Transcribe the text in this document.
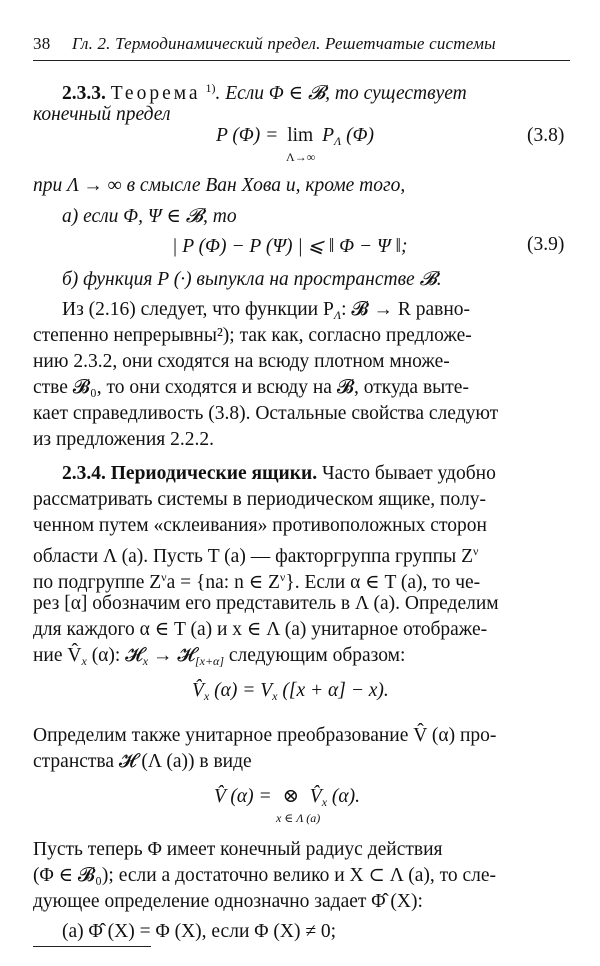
38 Гл. 2. Термодинамический предел. Решетчатые системы
2.3.3. Теорема $^{1)}$. Если Φ ∈ 𝓑, то существует
конечный предел
P $(\Phi) = \lim P_\Lambda$ (Φ)
Λ→∞
(3.8)
при Λ → ∞ в смысле Ван Хова и, кроме того,
а) если Φ, Ψ ∈ 𝓑, то
| P (Φ) − P (Ψ) | ⩽ ‖ Φ − Ψ ‖;	(3.9)
б) функция P (·) выпукла на пространстве 𝓑.
Из (2.16) следует, что функции $P_\Lambda$: 𝓑 → R равно-
степенно непрерывны²); так как, согласно предложе-
нию 2.3.2, они сходятся на всюду плотном множе-
стве 𝓑₀, то они сходятся и всюду на 𝓑, откуда выте-
кает справедливость (3.8). Остальные свойства следуют
из предложения 2.2.2.
2.3.4. Периодические ящики. Часто бывает удобно
рассматривать системы в периодическом ящике, полу-
ченном путем «склеивания» противоположных сторон
области Λ (a). Пусть T (a) — факторгруппа группы $Z^\nu$
по подгруппе $Z^\nu a = \{na$: n ∈ $Z^\nu$}. Если α ∈ T (a), то че-
рез [α] обозначим его представитель в Λ (a). Определим
для каждого α ∈ T (a) и x ∈ Λ (a) унитарное отображе-
ние $V̂_x$ (α): 𝓗$_x$ → 𝓗$_{[x+\alpha]}$ следующим образом:
$V̂_x$ $(\alpha) = V_x$ ([x + α] − x).
Определим также унитарное преобразование V̂ (α) про-
странства 𝓗 (Λ (a)) в виде
V̂ (α) = ⊗ $V̂_x$ (α).
x ∈ Λ (a)
Пусть теперь Φ имеет конечный радиус действия
(Φ ∈ 𝓑₀); если a достаточно велико и X ⊂ Λ (a), то сле-
дующее определение однозначно задает Φ̂ (X):
(а) Φ̂ (X) = Φ (X), если Φ (X) ≠ 0;
